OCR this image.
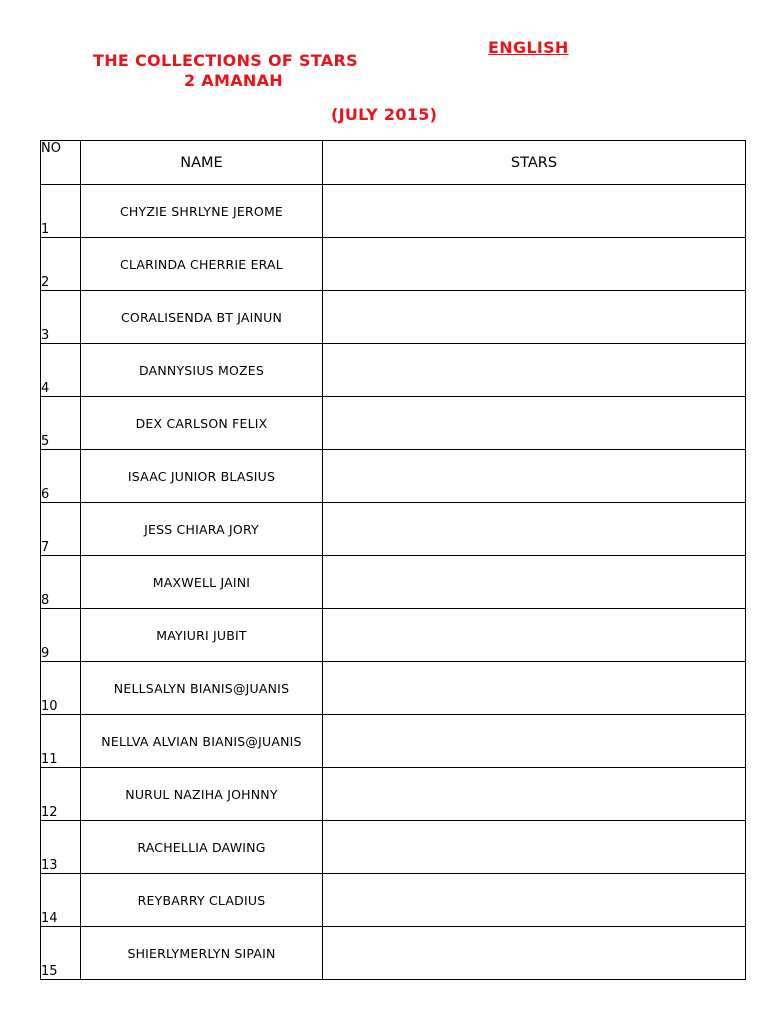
THE COLLECTIONS OF STARS
2 AMANAH
ENGLISH
(JULY 2015)
NO	NAME	STARS
1	CHYZIE SHRLYNE JEROME	
2	CLARINDA CHERRIE ERAL	
3	CORALISENDA BT JAINUN	
4	DANNYSIUS MOZES	
5	DEX CARLSON FELIX	
6	ISAAC JUNIOR BLASIUS	
7	JESS CHIARA JORY	
8	MAXWELL JAINI	
9	MAYIURI JUBIT	
10	NELLSALYN BIANIS@JUANIS	
11	NELLVA ALVIAN BIANIS@JUANIS	
12	NURUL NAZIHA JOHNNY	
13	RACHELLIA DAWING	
14	REYBARRY CLADIUS	
15	SHIERLYMERLYN SIPAIN	
